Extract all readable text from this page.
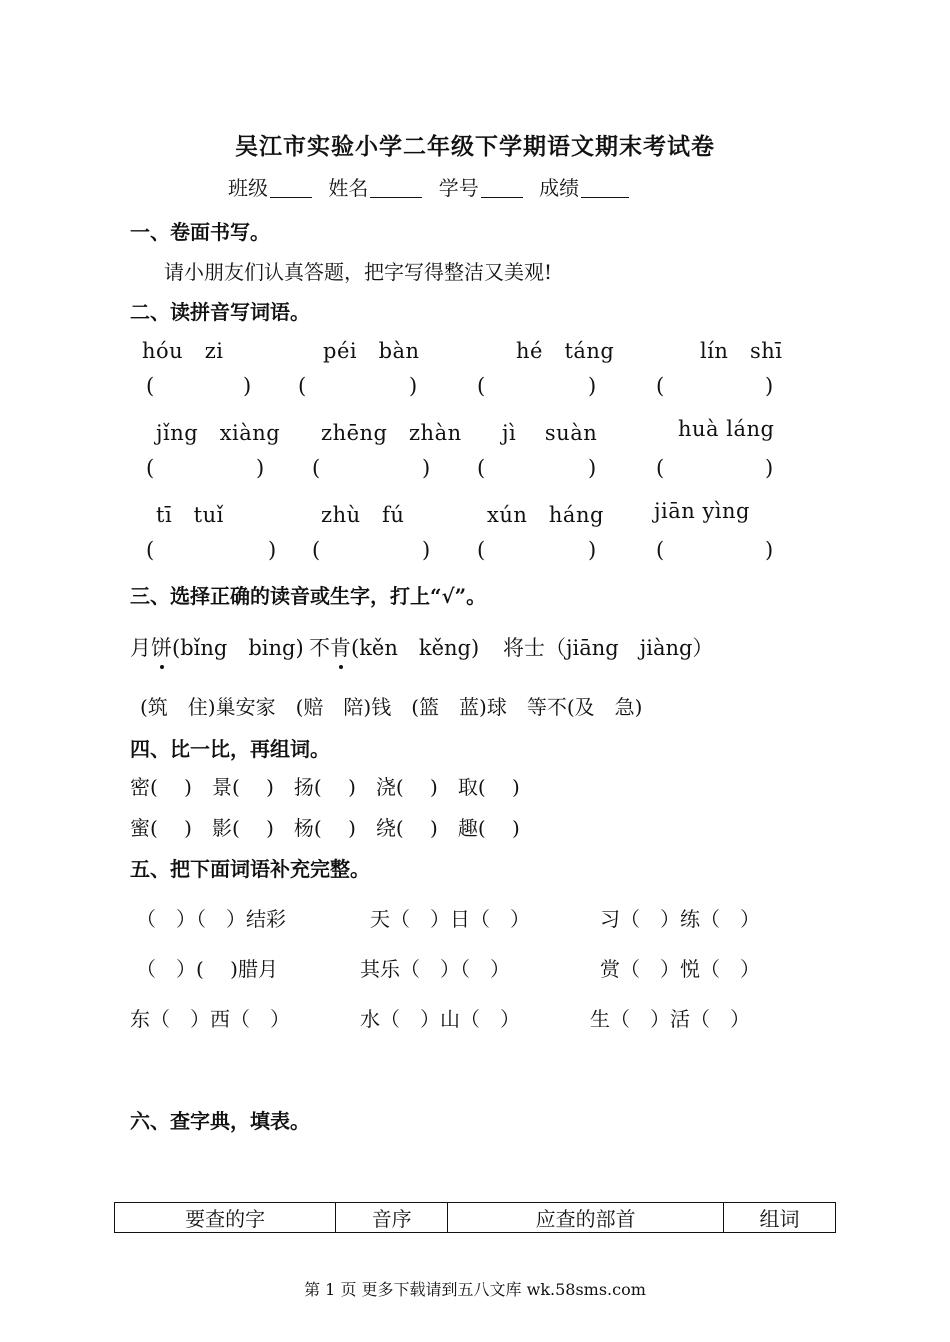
吴江市实验小学二年级下学期语文期末考试卷
班级	姓名	学号	成绩
一、卷面书写。
请小朋友们认真答题，把字写得整洁又美观!
二、读拼音写词语。
hóu　zi	péi　bàn	hé　táng	lín　shī
(	) (	)	(	)	(	)
jǐng　xiàng zhēng　zhàn jì　 suàn	huà láng
(	) (	) (	)	(	)
tī　tuǐ	zhù　fú	xún　háng jiān yìng
(	) (	) (	)	(	)
三、选择正确的读音或生字，打上“√”。
月饼(bǐng　bing) 不肯(kěn　kěng) 将士（jiāng　jiàng）
(筑　住)巢安家　(赔　陪)钱　(篮　蓝)球　等不(及　急)
四、比一比，再组词。
密(　 )　景(　 )　扬(　 )　浇(　 )　取(　 )
蜜(　 )　影(　 )　杨(　 )　绕(　 )　趣(　 )
五、把下面词语补充完整。
（　）（　）结彩	天（　）日（　）	习（　）练（　）
（　）(　 )腊月	其乐（　）（　）	赏（　）悦（　）
东（　）西（　）	水（　）山（　）	生（　）活（　）
六、查字典，填表。
要查的字	音序	应查的部首	组词
第 1 页 更多下载请到五八文库 wk.58sms.com
